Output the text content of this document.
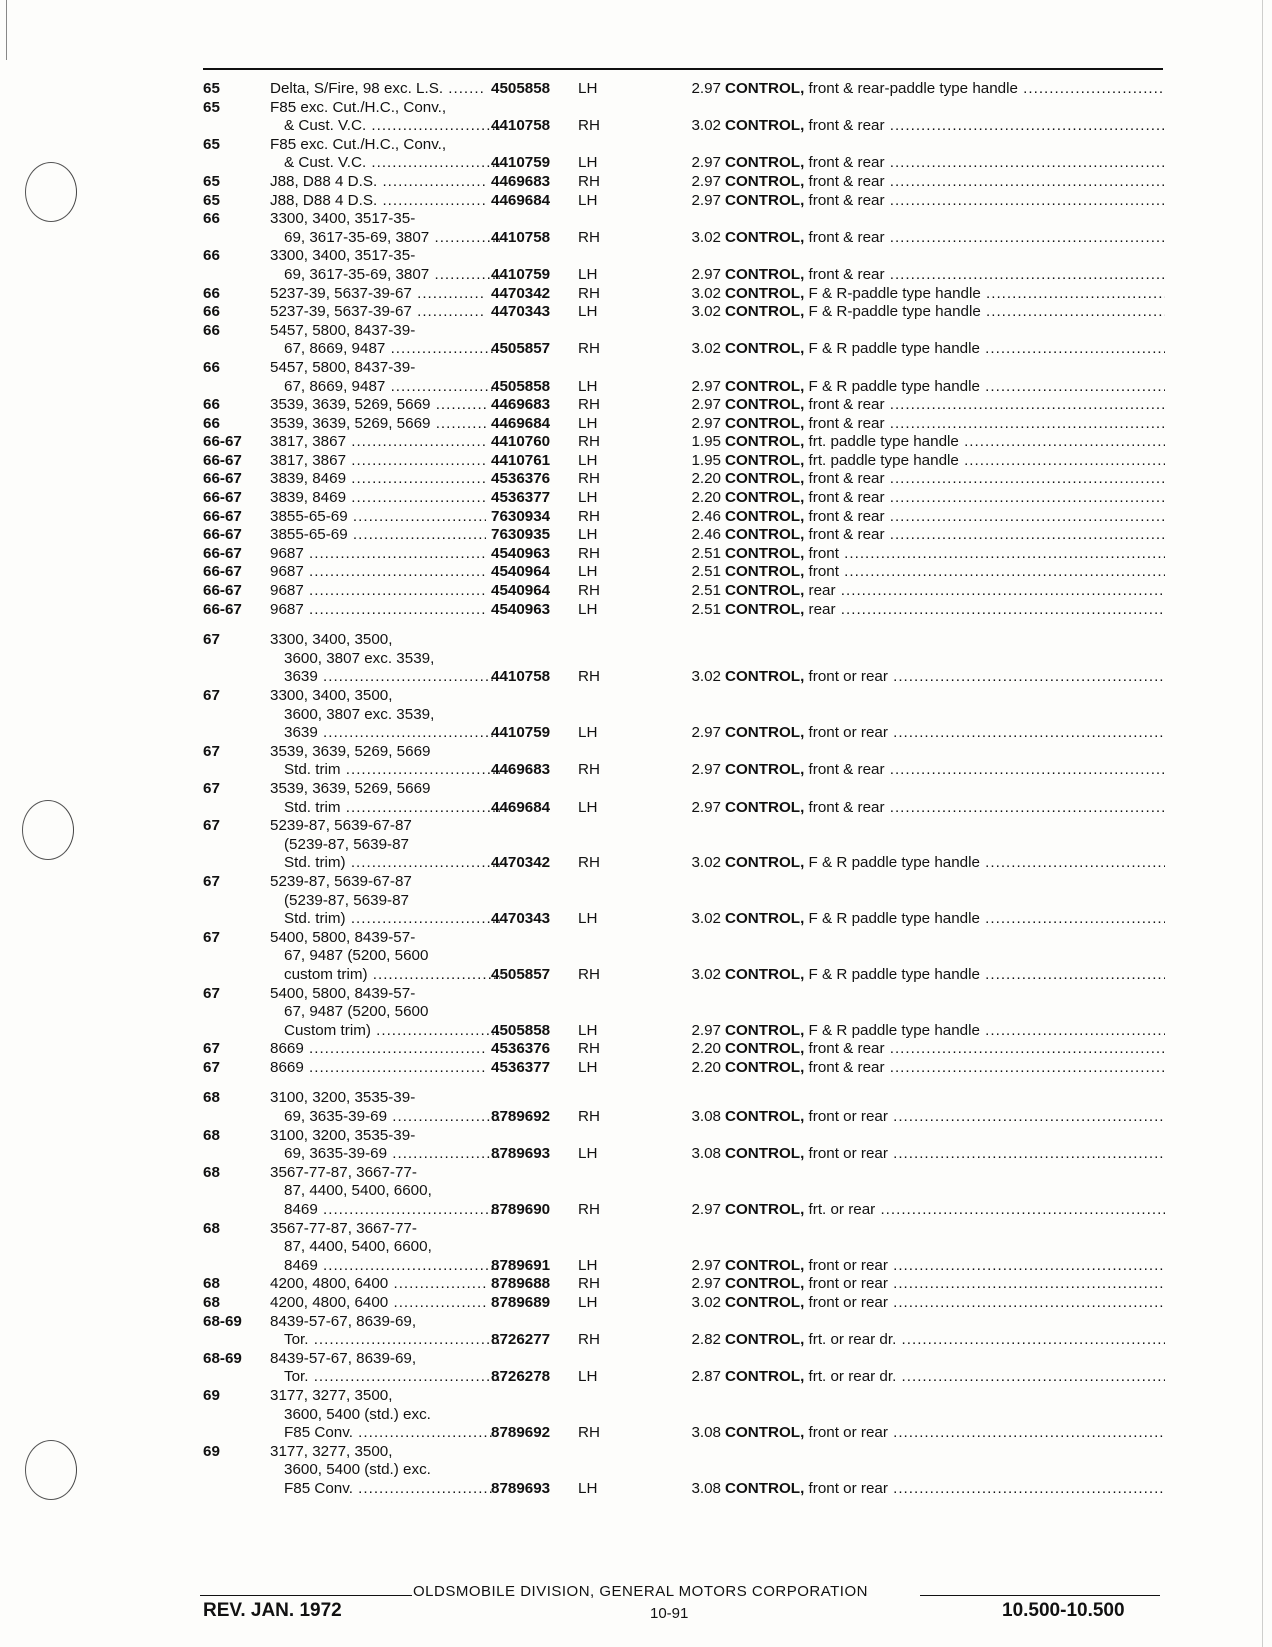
65	Delta, S/Fire, 98 exc. L.S. .....	4505858 LH	2.97 CONTROL, front & rear-paddle type handle .....
65	F85 exc. Cut./H.C., Conv.,
& Cust. V.C. .....	4410758 RH	3.02 CONTROL, front & rear .....
65	F85 exc. Cut./H.C., Conv.,
& Cust. V.C. .....	4410759 LH	2.97 CONTROL, front & rear .....
65	J88, D88 4 D.S. .....	4469683 RH	2.97 CONTROL, front & rear .....
65	J88, D88 4 D.S. .....	4469684 LH	2.97 CONTROL, front & rear .....
66	3300, 3400, 3517-35-
69, 3617-35-69, 3807 .....	4410758 RH	3.02 CONTROL, front & rear .....
66	3300, 3400, 3517-35-
69, 3617-35-69, 3807 .....	4410759 LH	2.97 CONTROL, front & rear .....
66	5237-39, 5637-39-67 .....	4470342 RH	3.02 CONTROL, F & R-paddle type handle .....
66	5237-39, 5637-39-67 .....	4470343 LH	3.02 CONTROL, F & R-paddle type handle .....
66	5457, 5800, 8437-39-
67, 8669, 9487 .....	4505857 RH	3.02 CONTROL, F & R paddle type handle .....
66	5457, 5800, 8437-39-
67, 8669, 9487 .....	4505858 LH	2.97 CONTROL, F & R paddle type handle .....
66	3539, 3639, 5269, 5669 .....	4469683 RH	2.97 CONTROL, front & rear .....
66	3539, 3639, 5269, 5669 .....	4469684 LH	2.97 CONTROL, front & rear .....
66-67 3817, 3867 .....	4410760 RH	1.95 CONTROL, frt. paddle type handle .....
66-67 3817, 3867 .....	4410761 LH	1.95 CONTROL, frt. paddle type handle .....
66-67 3839, 8469 .....	4536376 RH	2.20 CONTROL, front & rear .....
66-67 3839, 8469 .....	4536377 LH	2.20 CONTROL, front & rear .....
66-67 3855-65-69 .....	7630934 RH	2.46 CONTROL, front & rear .....
66-67 3855-65-69 .....	7630935 LH	2.46 CONTROL, front & rear .....
66-67 9687 .....	4540963 RH	2.51 CONTROL, front .....
66-67 9687 .....	4540964 LH	2.51 CONTROL, front .....
66-67 9687 .....	4540964 RH	2.51 CONTROL, rear .....
66-67 9687 .....	4540963 LH	2.51 CONTROL, rear .....
67	3300, 3400, 3500,
3600, 3807 exc. 3539,
3639 .....	4410758 RH	3.02 CONTROL, front or rear .....
67	3300, 3400, 3500,
3600, 3807 exc. 3539,
3639 .....	4410759 LH	2.97 CONTROL, front or rear .....
67	3539, 3639, 5269, 5669
Std. trim .....	4469683 RH	2.97 CONTROL, front & rear .....
67	3539, 3639, 5269, 5669
Std. trim .....	4469684 LH	2.97 CONTROL, front & rear .....
67	5239-87, 5639-67-87
(5239-87, 5639-87
Std. trim) .....	4470342 RH	3.02 CONTROL, F & R paddle type handle .....
67	5239-87, 5639-67-87
(5239-87, 5639-87
Std. trim) .....	4470343 LH	3.02 CONTROL, F & R paddle type handle .....
67	5400, 5800, 8439-57-
67, 9487 (5200, 5600
custom trim) .....	4505857 RH	3.02 CONTROL, F & R paddle type handle .....
67	5400, 5800, 8439-57-
67, 9487 (5200, 5600
Custom trim) .....	4505858 LH	2.97 CONTROL, F & R paddle type handle .....
67	8669 .....	4536376 RH	2.20 CONTROL, front & rear .....
67	8669 .....	4536377 LH	2.20 CONTROL, front & rear .....
68	3100, 3200, 3535-39-
69, 3635-39-69 .....	8789692 RH	3.08 CONTROL, front or rear .....
68	3100, 3200, 3535-39-
69, 3635-39-69 .....	8789693 LH	3.08 CONTROL, front or rear .....
68	3567-77-87, 3667-77-
87, 4400, 5400, 6600,
8469 .....	8789690 RH	2.97 CONTROL, frt. or rear .....
68	3567-77-87, 3667-77-
87, 4400, 5400, 6600,
8469 .....	8789691 LH	2.97 CONTROL, front or rear .....
68	4200, 4800, 6400 .....	8789688 RH	2.97 CONTROL, front or rear .....
68	4200, 4800, 6400 .....	8789689 LH	3.02 CONTROL, front or rear .....
68-69 8439-57-67, 8639-69,
Tor. .....	8726277 RH	2.82 CONTROL, frt. or rear dr. .....
68-69 8439-57-67, 8639-69,
Tor. .....	8726278 LH	2.87 CONTROL, frt. or rear dr. .....
69	3177, 3277, 3500,
3600, 5400 (std.) exc.
F85 Conv. .....	8789692 RH	3.08 CONTROL, front or rear .....
69	3177, 3277, 3500,
3600, 5400 (std.) exc.
F85 Conv. .....	8789693 LH	3.08 CONTROL, front or rear .....
OLDSMOBILE DIVISION, GENERAL MOTORS CORPORATION
REV. JAN. 1972	10-91	10.500-10.500
